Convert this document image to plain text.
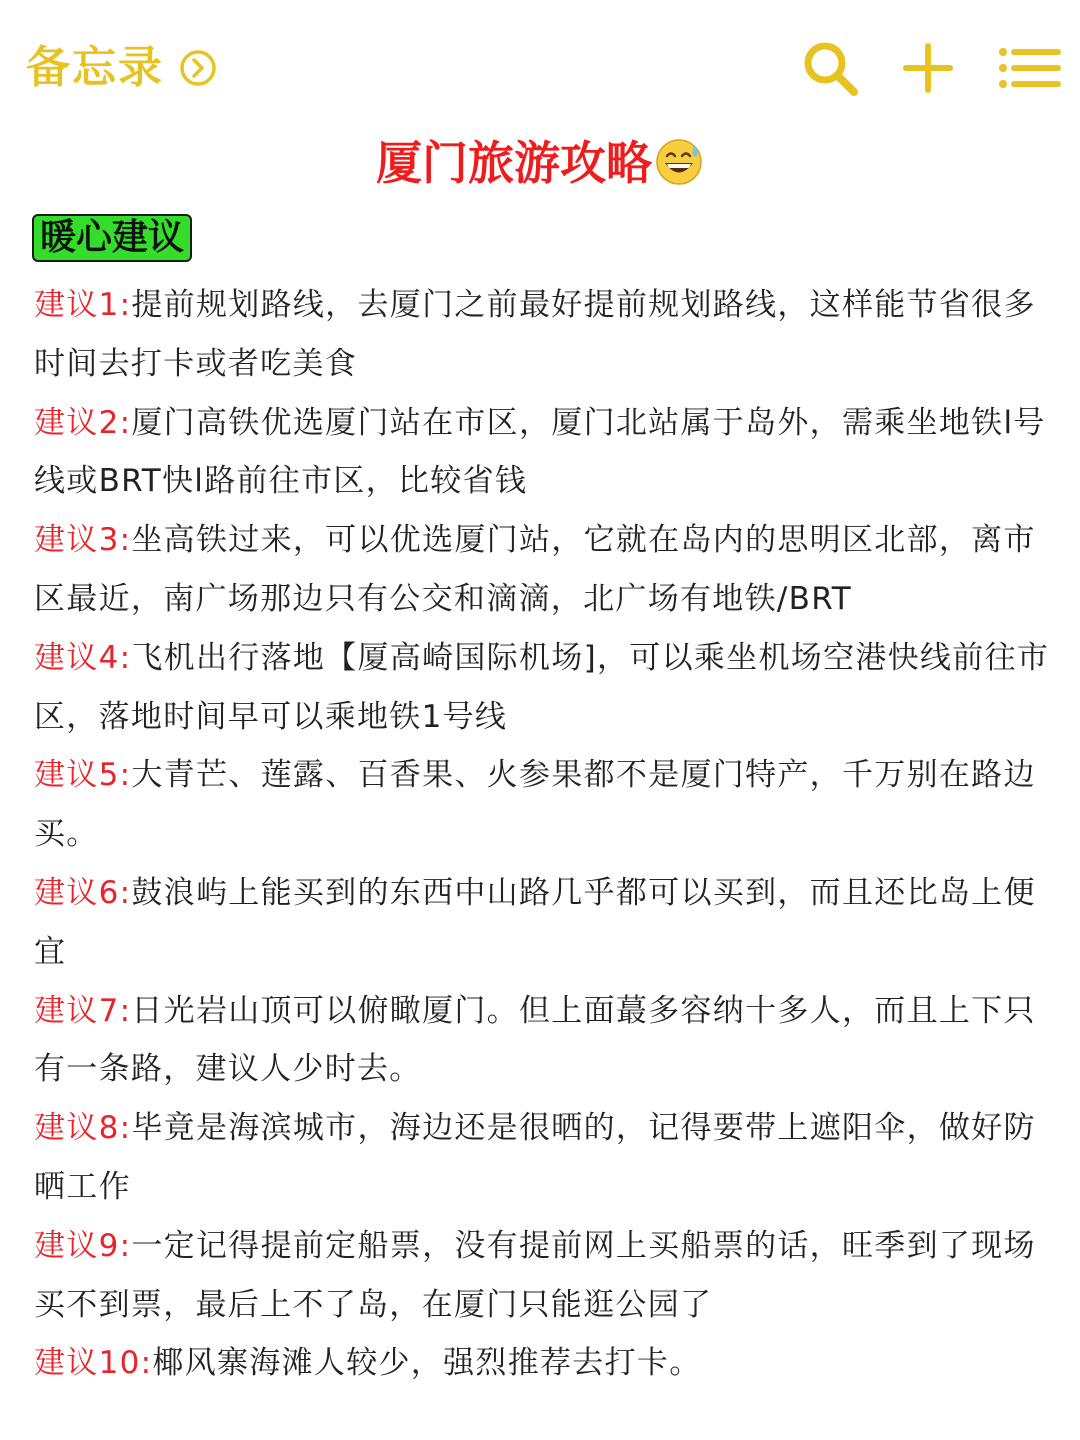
备忘录
厦门旅游攻略
暖心建议
建议1:提前规划路线，去厦门之前最好提前规划路线，这样能节省很多时间去打卡或者吃美食
建议2:厦门高铁优选厦门站在市区，厦门北站属于岛外，需乘坐地铁l号线或BRT快l路前往市区，比较省钱
建议3:坐高铁过来，可以优选厦门站，它就在岛内的思明区北部，离市区最近，南广场那边只有公交和滴滴，北广场有地铁/BRT
建议4:飞机出行落地【厦高崎国际机场]，可以乘坐机场空港快线前往市区，落地时间早可以乘地铁1号线
建议5:大青芒、莲露、百香果、火参果都不是厦门特产，千万别在路边买。
建议6:鼓浪屿上能买到的东西中山路几乎都可以买到，而且还比岛上便宜
建议7:日光岩山顶可以俯瞰厦门。但上面蕞多容纳十多人，而且上下只有一条路，建议人少时去。
建议8:毕竟是海滨城市，海边还是很晒的，记得要带上遮阳伞，做好防晒工作
建议9:一定记得提前定船票，没有提前网上买船票的话，旺季到了现场买不到票，最后上不了岛，在厦门只能逛公园了
建议10:椰风寨海滩人较少，强烈推荐去打卡。
